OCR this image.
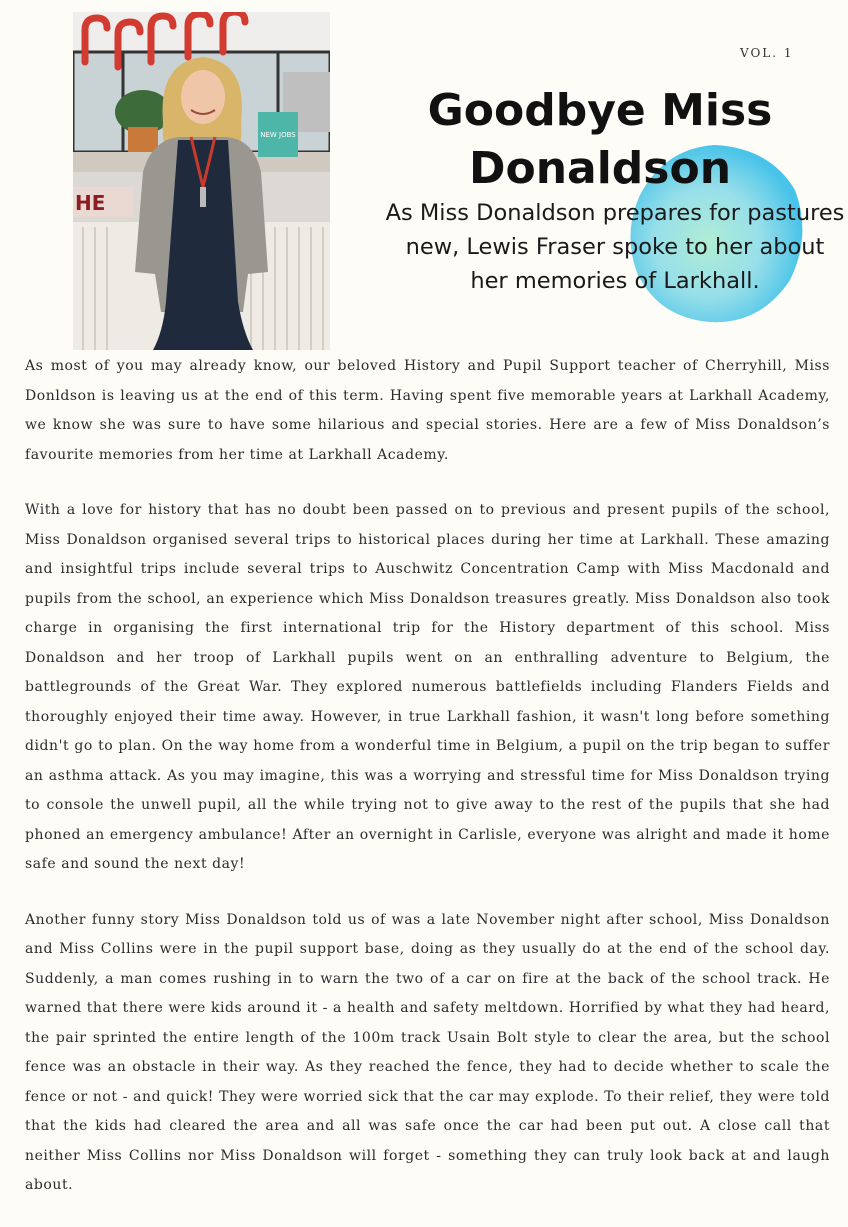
NEW JOBS
HE
VOL. 1
Goodbye Miss Donaldson

As Miss Donaldson prepares for pastures new, Lewis Fraser spoke to her about her memories of Larkhall.

As most of you may already know, our beloved History and Pupil Support teacher of Cherryhill, Miss Donldson is leaving us at the end of this term. Having spent five memorable years at Larkhall Academy, we know she was sure to have some hilarious and special stories. Here are a few of Miss Donaldson’s favourite memories from her time at Larkhall Academy.

With a love for history that has no doubt been passed on to previous and present pupils of the school, Miss Donaldson organised several trips to historical places during her time at Larkhall. These amazing and insightful trips include several trips to Auschwitz Concentration Camp with Miss Macdonald and pupils from the school, an experience which Miss Donaldson treasures greatly. Miss Donaldson also took charge in organising the first international trip for the History department of this school. Miss Donaldson and her troop of Larkhall pupils went on an enthralling adventure to Belgium, the battlegrounds of the Great War. They explored numerous battlefields including Flanders Fields and thoroughly enjoyed their time away. However, in true Larkhall fashion, it wasn't long before something didn't go to plan. On the way home from a wonderful time in Belgium, a pupil on the trip began to suffer an asthma attack. As you may imagine, this was a worrying and stressful time for Miss Donaldson trying to console the unwell pupil, all the while trying not to give away to the rest of the pupils that she had phoned an emergency ambulance! After an overnight in Carlisle, everyone was alright and made it home safe and sound the next day!

Another funny story Miss Donaldson told us of was a late November night after school, Miss Donaldson and Miss Collins were in the pupil support base, doing as they usually do at the end of the school day. Suddenly, a man comes rushing in to warn the two of a car on fire at the back of the school track. He warned that there were kids around it - a health and safety meltdown. Horrified by what they had heard, the pair sprinted the entire length of the 100m track Usain Bolt style to clear the area, but the school fence was an obstacle in their way. As they reached the fence, they had to decide whether to scale the fence or not - and quick! They were worried sick that the car may explode. To their relief, they were told that the kids had cleared the area and all was safe once the car had been put out. A close call that neither Miss Collins nor Miss Donaldson will forget - something they can truly look back at and laugh about.
